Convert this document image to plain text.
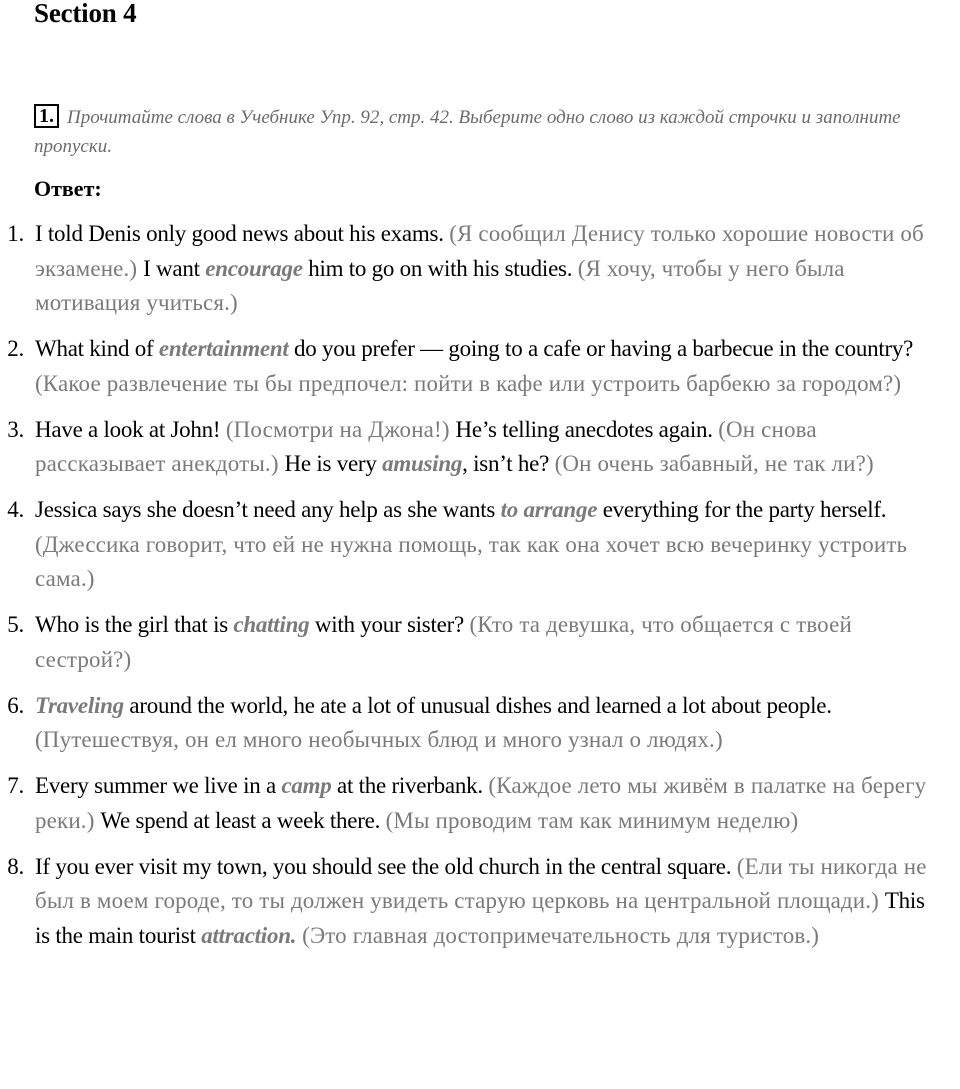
Section 4
1. Прочитайте слова в Учебнике Упр. 92, стр. 42. Выберите одно слово из каждой строчки и заполните пропуски.
Ответ:
1. I told Denis only good news about his exams. (Я сообщил Денису только хорошие новости об экзамене.) I want encourage him to go on with his studies. (Я хочу, чтобы у него была мотивация учиться.)
2. What kind of entertainment do you prefer — going to a cafe or having a barbecue in the country? (Какое развлечение ты бы предпочел: пойти в кафе или устроить барбекю за городом?)
3. Have a look at John! (Посмотри на Джона!) He’s telling anecdotes again. (Он снова рассказывает анекдоты.) He is very amusing, isn’t he? (Он очень забавный, не так ли?)
4. Jessica says she doesn’t need any help as she wants to arrange everything for the party herself. (Джессика говорит, что ей не нужна помощь, так как она хочет всю вечеринку устроить сама.)
5. Who is the girl that is chatting with your sister? (Кто та девушка, что общается с твоей сестрой?)
6. Traveling around the world, he ate a lot of unusual dishes and learned a lot about people. (Путешествуя, он ел много необычных блюд и много узнал о людях.)
7. Every summer we live in a camp at the riverbank. (Каждое лето мы живём в палатке на берегу реки.) We spend at least a week there. (Мы проводим там как минимум неделю)
8. If you ever visit my town, you should see the old church in the central square. (Ели ты никогда не был в моем городе, то ты должен увидеть старую церковь на центральной площади.) This is the main tourist attraction. (Это главная достопримечательность для туристов.)
